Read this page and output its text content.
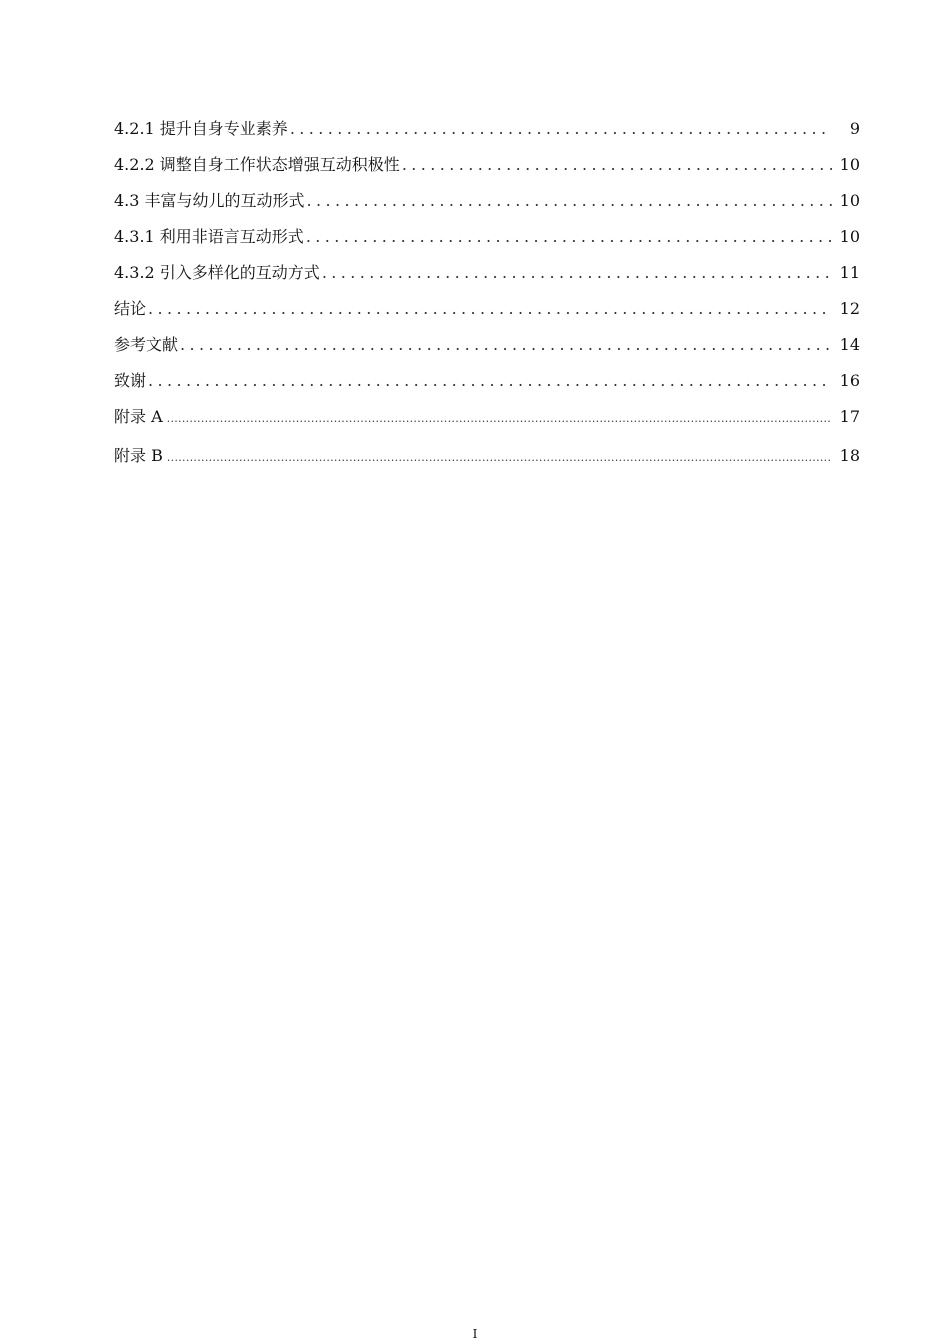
4.2.1 提升自身专业素养 .....	9
4.2.2 调整自身工作状态增强互动积极性 .....	10
4.3 丰富与幼儿的互动形式 .....	10
4.3.1 利用非语言互动形式 .....	10
4.3.2 引入多样化的互动方式 .....	11
结论 .....	12
参考文献 .....	14
致谢 .....	16
附录 A .....	17
附录 B .....	18
I
